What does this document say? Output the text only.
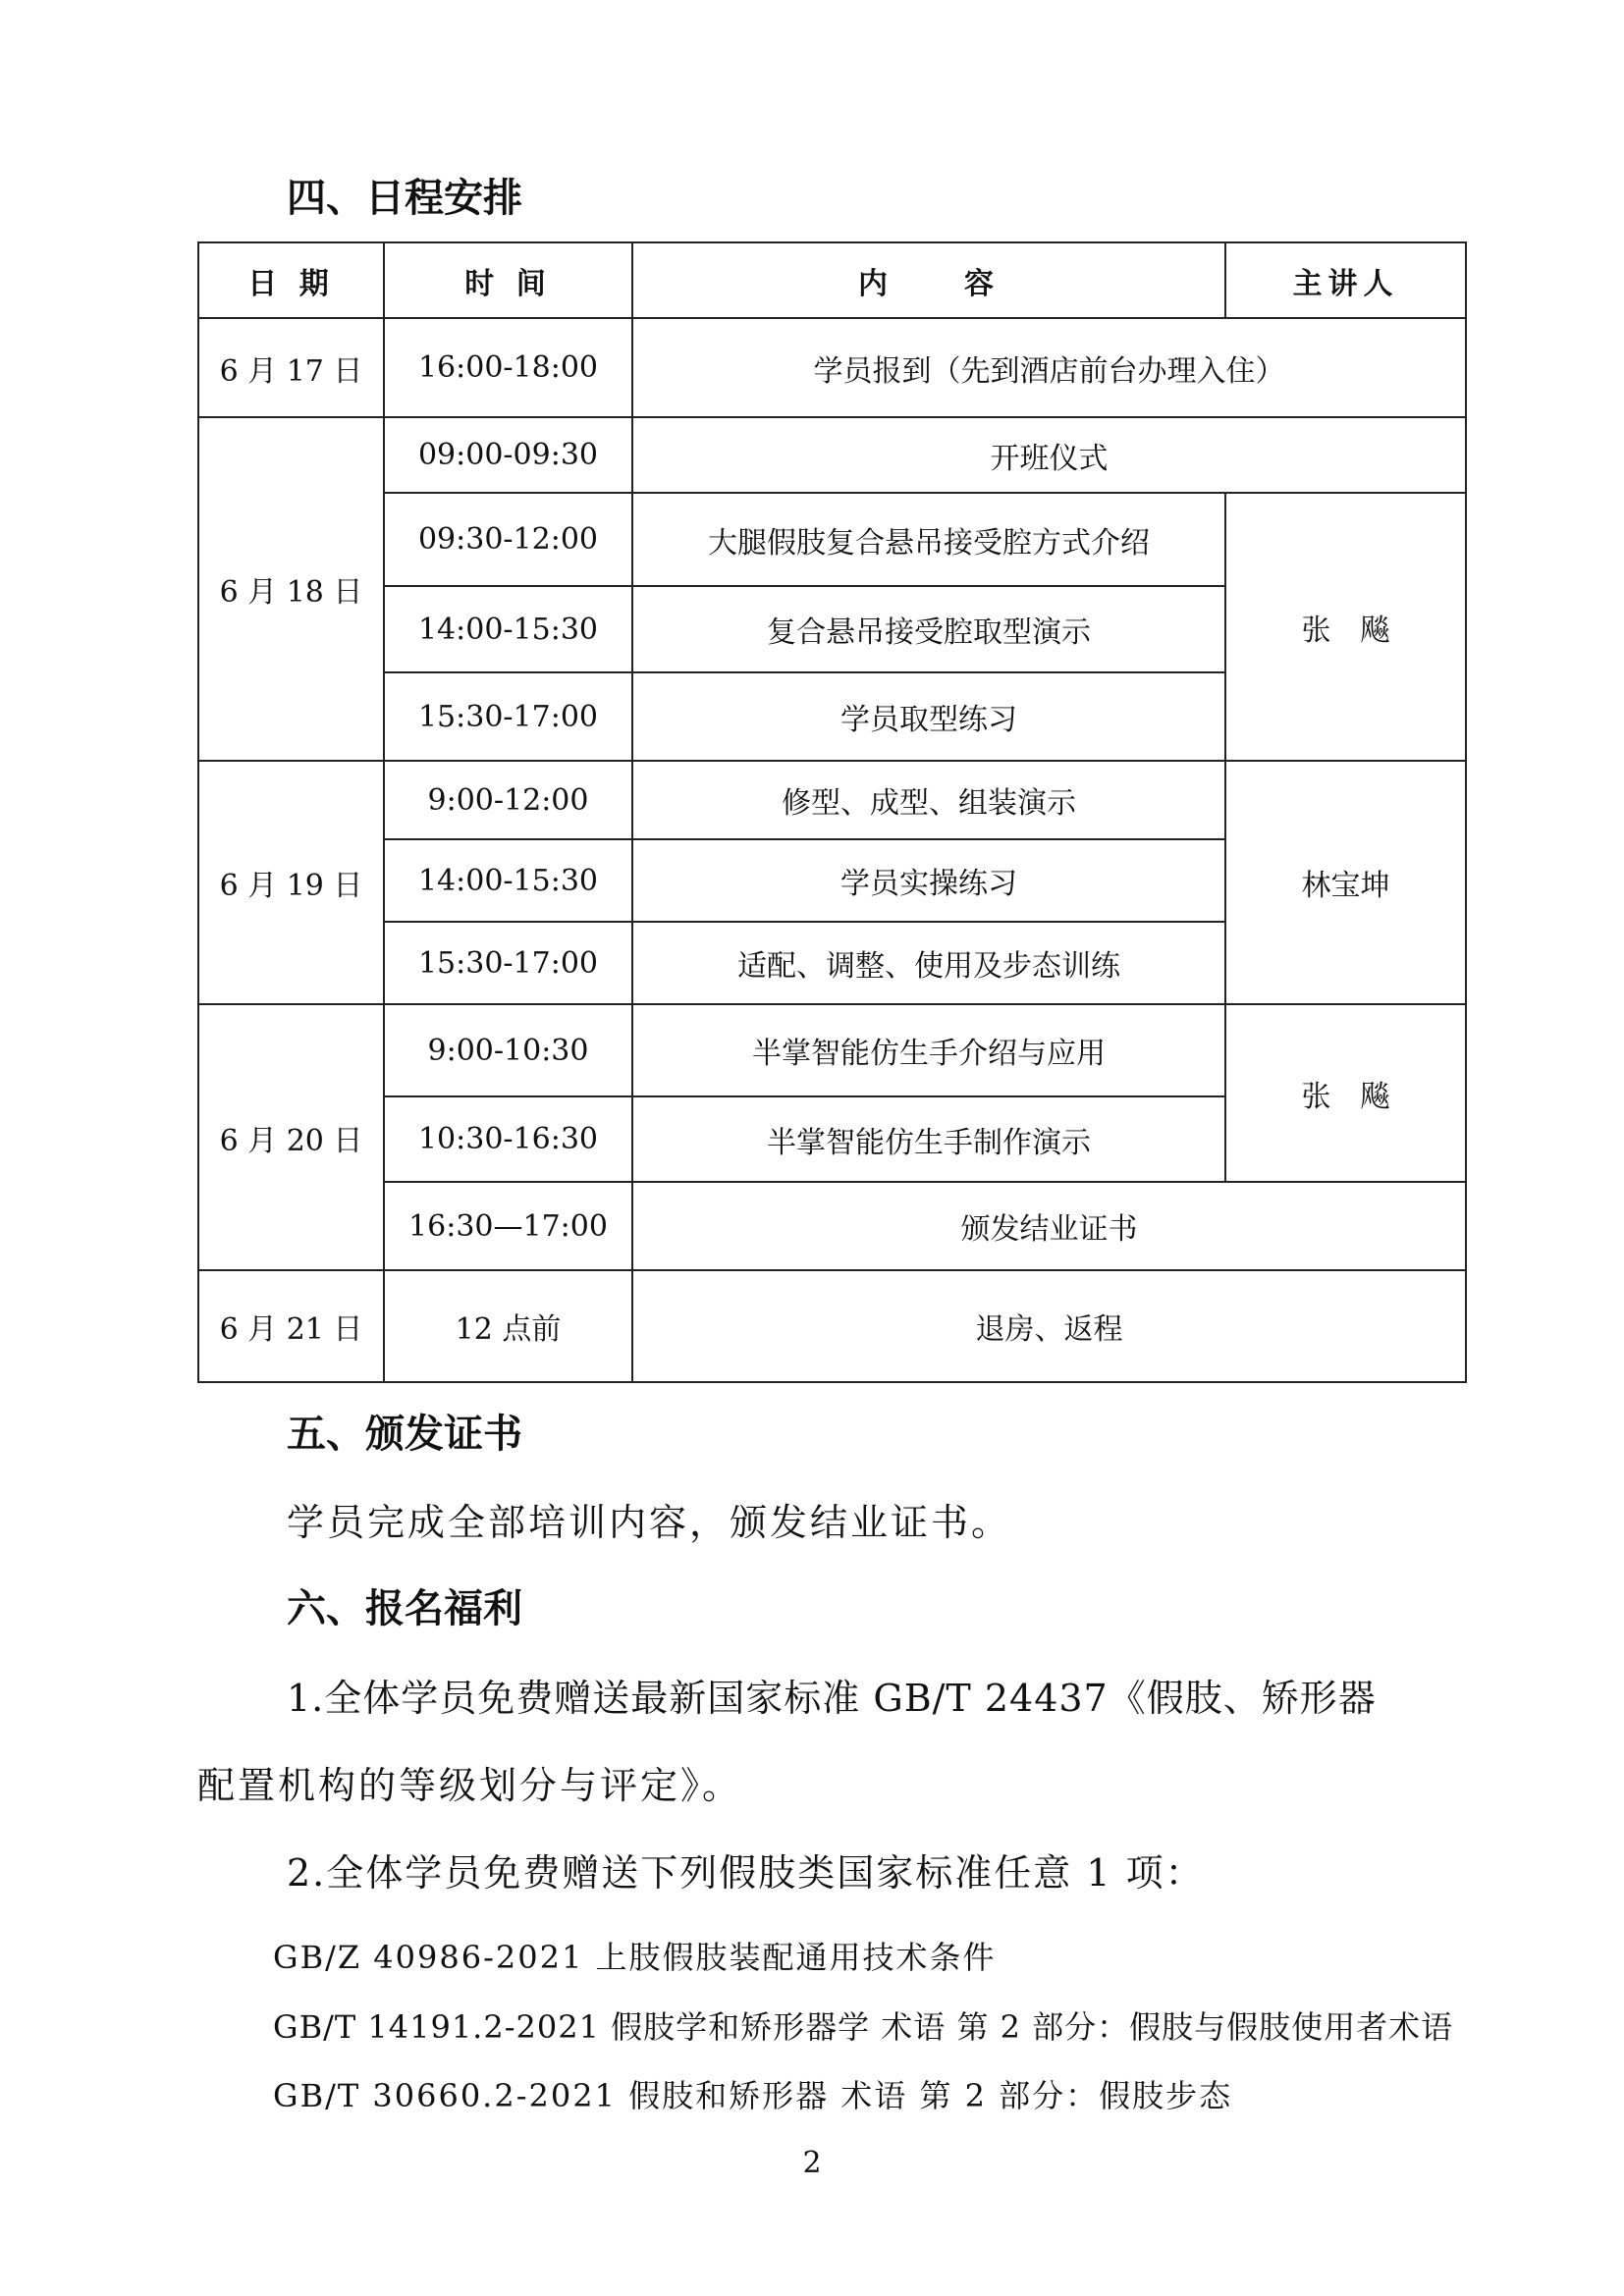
四、日程安排
日 期	时 间	内　　容	主讲人
6 月 17 日	16:00-18:00	学员报到（先到酒店前台办理入住）	
6 月 18 日	09:00-09:30	开班仪式	
	09:30-12:00	大腿假肢复合悬吊接受腔方式介绍	张　飚
	14:00-15:30	复合悬吊接受腔取型演示	
	15:30-17:00	学员取型练习	
6 月 19 日	9:00-12:00	修型、成型、组装演示	林宝坤
	14:00-15:30	学员实操练习	
	15:30-17:00	适配、调整、使用及步态训练	
6 月 20 日	9:00-10:30	半掌智能仿生手介绍与应用	张　飚
	10:30-16:30	半掌智能仿生手制作演示	
	16:30—17:00	颁发结业证书	
6 月 21 日	12 点前	退房、返程	
五、颁发证书

学员完成全部培训内容，颁发结业证书。

六、报名福利

1.全体学员免费赠送最新国家标准 GB/T 24437《假肢、矫形器

配置机构的等级划分与评定》。

2.全体学员免费赠送下列假肢类国家标准任意 1 项：

GB/Z 40986-2021 上肢假肢装配通用技术条件

GB/T 14191.2-2021 假肢学和矫形器学 术语 第 2 部分：假肢与假肢使用者术语

GB/T 30660.2-2021 假肢和矫形器 术语 第 2 部分：假肢步态

2
